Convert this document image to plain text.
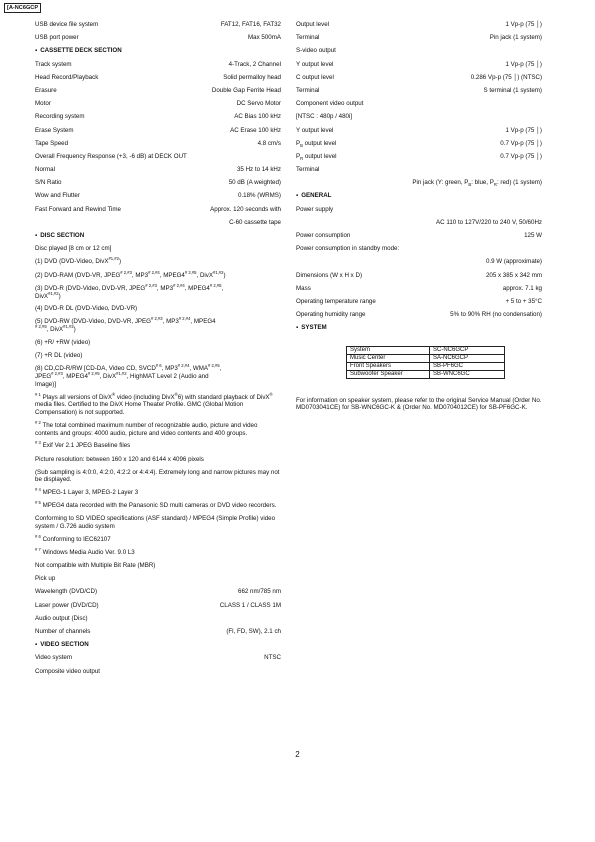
[A-NC6GCP
USB device file system	FAT12, FAT16, FAT32
USB port power	Max 500mA
▪ CASSETTE DECK SECTION
Track system	4-Track, 2 Channel
Head Record/Playback	Solid permalloy head
Erasure	Double Gap Ferrite Head
Motor	DC Servo Motor
Recording system	AC Bias 100 kHz
Erase System	AC Erase 100 kHz
Tape Speed	4.8 cm/s
Overall Frequency Response (+3, -6 dB) at DECK OUT
Normal	35 Hz to 14 kHz
S/N Ratio	50 dB (A weighted)
Wow and Flutter	0.18% (WRMS)
Fast Forward and Rewind Time	Approx. 120 seconds with
C-60 cassette tape
▪ DISC SECTION
Disc played [8 cm or 12 cm]
(1) DVD (DVD-Video, DivX$^{\#1,\#2}$)
(2) DVD-RAM (DVD-VR, $JPEG^{\# 2,\#3}$, $MP3^{\# 2,\#4}$, $MPEG4^{\# 2,\#5}$, DivX$^{\#1,\#2}$)
(3) DVD-R (DVD-Video, DVD-VR, $JPEG^{\# 2,\#3}$, $MP3^{\# 2,\#4}$, $MPEG4^{\# 2,\#5}$,
DivX$^{\#1,\#2}$)
(4) DVD-R DL (DVD-Video, DVD-VR)
(5) DVD-RW (DVD-Video, DVD-VR, $JPEG^{\# 2,\#3}$, $MP3^{\# 2,\#4}$, MPEG4
$^{\# 2,\#5}$, DivX$^{\#1,\#2}$)
(6) +R/ +RW (video)
(7) +R DL (video)
(8) CD,CD-R/RW [CD-DA, Video CD, SVCD$^{\# 6}$, $MP3^{\# 2,\#4}$, $WMA^{\# 2,\#5}$,
$JPEG^{\# 2,\#3}$, $MPEG4^{\# 2,\#5}$, DivX$^{\#1,\#2}$, HighMAT Level 2 (Audio and
Image)]
$^{\# 1}$ Plays all versions of DivX® video (including DivX®6) with standard playback of DivX® media files. Certified to the DivX Home Theater Profile. GMC (Global Motion Compensation) is not supported.
$^{\# 2}$ The total combined maximum number of recognizable audio, picture and video contents and groups: 4000 audio, picture and video contents and 400 groups.
$^{\# 3}$ Exif Ver 2.1 JPEG Baseline files
Picture resolution: between 160 x 120 and 6144 x 4096 pixels
(Sub sampling is 4:0:0, 4:2:0, 4:2:2 or 4:4:4). Extremely long and narrow pictures may not be displayed.
$^{\# 4}$ MPEG-1 Layer 3, MPEG-2 Layer 3
$^{\# 5}$ MPEG4 data recorded with the Panasonic SD multi cameras or DVD video recorders.
Conforming to SD VIDEO specifications (ASF standard) / MPEG4 (Simple Profile) video system / G.726 audio system
$^{\# 6}$ Conforming to IEC62107
$^{\# 7}$ Windows Media Audio Ver. 9.0 L3
Not compatible with Multiple Bit Rate (MBR)
Pick up
Wavelength (DVD/CD)	662 nm/785 nm
Laser power (DVD/CD)	CLASS 1 / CLASS 1M
Audio output (Disc)
Number of channels	(Fl, FD, SW), 2.1 ch
▪ VIDEO SECTION
Video system	NTSC
Composite video output
Output level	1 Vp-p (75 │)
Terminal	Pin jack (1 system)
S-video output
Y output level	1 Vp-p (75 │)
C output level	0.286 Vp-p (75 │) (NTSC)
Terminal	S terminal (1 system)
Component video output
[NTSC : 480p / 480i]
Y output level	1 Vp-p (75 │)
$P_B$ output level	0.7 Vp-p (75 │)
$P_R$ output level	0.7 Vp-p (75 │)
Terminal
Pin jack (Y: green, $P_B$: blue, $P_R$: red) (1 system)
▪ GENERAL
Power supply
AC 110 to 127V/220 to 240 V, 50/60Hz
Power consumption	125 W
Power consumption in standby mode:
0.9 W (approximate)
Dimensions (W x H x D)	205 x 385 x 342 mm
Mass	approx. 7.1 kg
Operating temperature range	+ 5 to + 35°C
Operating humidity range	5% to 90% RH (no condensation)
▪ SYSTEM
System	SC-NC6GCP
Music Center	SA-NC6GCP
Front Speakers	SB-PF6GC
Subwoofer Speaker	SB-WNC6GC
For information on speaker system, please refer to the original Service Manual (Order No. MD0703041CE) for SB-WNC6GC-K & (Order No. MD0704012CE) for SB-PF6GC-K.
2
